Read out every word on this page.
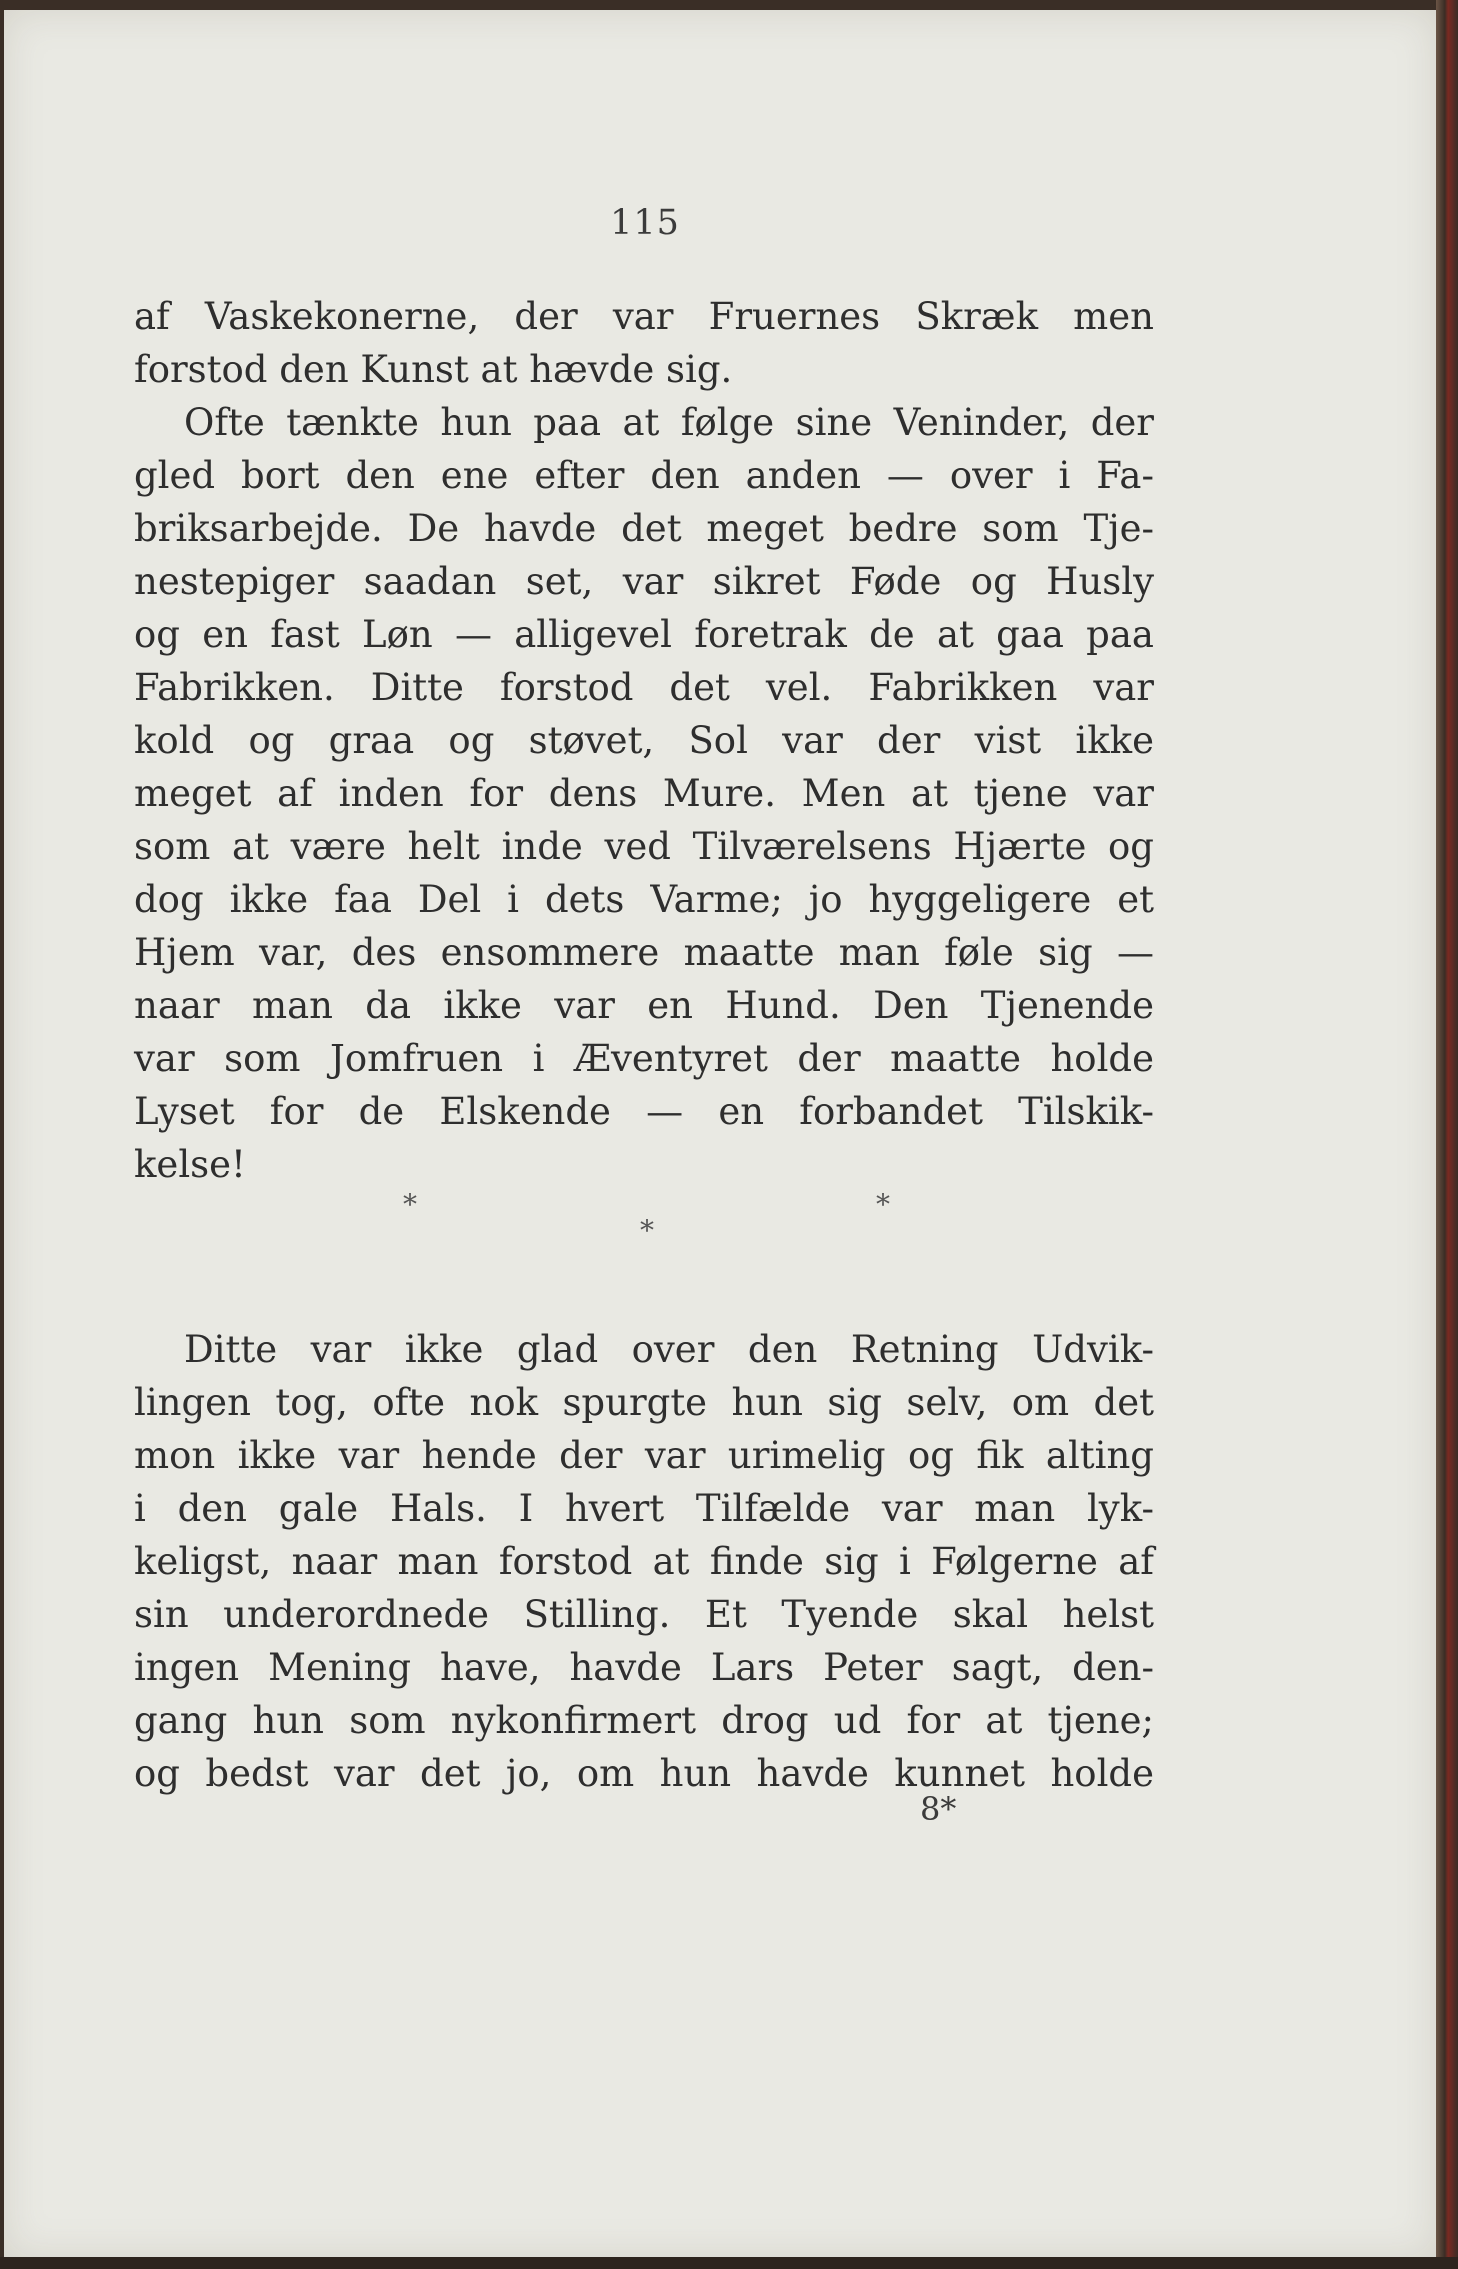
115
af Vaskekonerne, der var Fruernes Skræk men
forstod den Kunst at hævde sig.
Ofte tænkte hun paa at følge sine Veninder, der
gled bort den ene efter den anden — over i Fa-
briksarbejde. De havde det meget bedre som Tje-
nestepiger saadan set, var sikret Føde og Husly
og en fast Løn — alligevel foretrak de at gaa paa
Fabrikken. Ditte forstod det vel. Fabrikken var
kold og graa og støvet, Sol var der vist ikke
meget af inden for dens Mure. Men at tjene var
som at være helt inde ved Tilværelsens Hjærte og
dog ikke faa Del i dets Varme; jo hyggeligere et
Hjem var, des ensommere maatte man føle sig —
naar man da ikke var en Hund. Den Tjenende
var som Jomfruen i Æventyret der maatte holde
Lyset for de Elskende — en forbandet Tilskik-
kelse!
*
*
*
Ditte var ikke glad over den Retning Udvik-
lingen tog, ofte nok spurgte hun sig selv, om det
mon ikke var hende der var urimelig og fik alting
i den gale Hals. I hvert Tilfælde var man lyk-
keligst, naar man forstod at finde sig i Følgerne af
sin underordnede Stilling. Et Tyende skal helst
ingen Mening have, havde Lars Peter sagt, den-
gang hun som nykonfirmert drog ud for at tjene;
og bedst var det jo, om hun havde kunnet holde
8*
